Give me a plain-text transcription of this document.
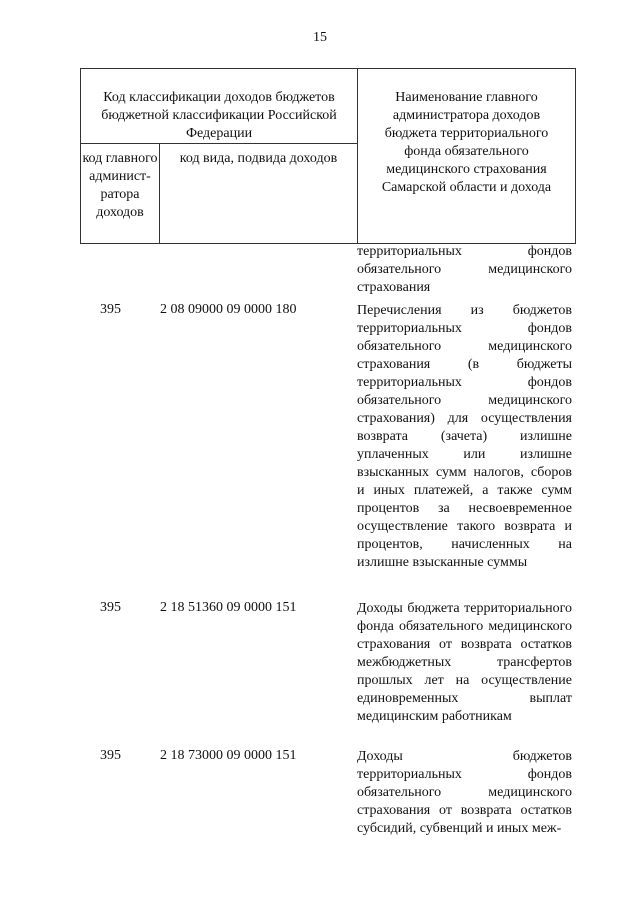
15
Код классификации доходов бюджетов бюджетной классификации Российской Федерации		Наименование главного администратора доходов бюджета территориального фонда обязательного медицинского страхования Самарской области и дохода
код главного админист-ратора доходов	код вида, подвида доходов	
территориальных фондов обязательного медицинского страхования
395	2 08 09000 09 0000 180	Перечисления из бюджетов территориальных фондов обязательного медицинского страхования (в бюджеты территориальных фондов обязательного медицинского страхования) для осуществления возврата (зачета) излишне уплаченных или излишне взысканных сумм налогов, сборов и иных платежей, а также сумм процентов за несвоевременное осуществление такого возврата и процентов, начисленных на излишне взысканные суммы
395	2 18 51360 09 0000 151	Доходы бюджета территориального фонда обязательного медицинского страхования от возврата остатков межбюджетных трансфертов прошлых лет на осуществление единовременных выплат медицинским работникам
395	2 18 73000 09 0000 151	Доходы бюджетов территориальных фондов обязательного медицинского страхования от возврата остатков субсидий, субвенций и иных меж-
